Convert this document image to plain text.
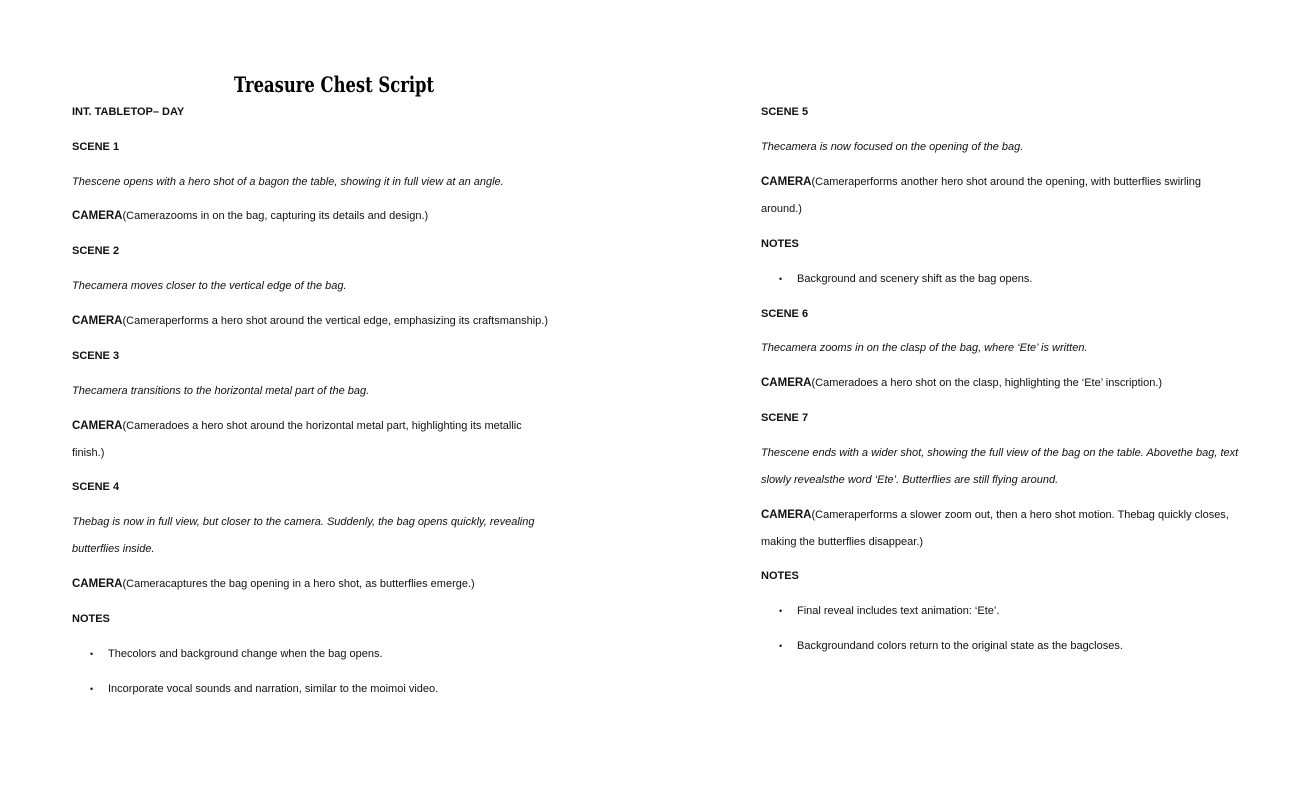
Treasure Chest Script
INT. TABLETOP– DAY
SCENE 1
Thescene opens with a hero shot of a bagon the table, showing it in full view at an angle.
CAMERA(Camerazooms in on the bag, capturing its details and design.)
SCENE 2
Thecamera moves closer to the vertical edge of the bag.
CAMERA(Cameraperforms a hero shot around the vertical edge, emphasizing its craftsmanship.)
SCENE 3
Thecamera transitions to the horizontal metal part of the bag.
CAMERA(Cameradoes a hero shot around the horizontal metal part, highlighting its metallic
finish.)
SCENE 4
Thebag is now in full view, but closer to the camera. Suddenly, the bag opens quickly, revealing
butterflies inside.
CAMERA(Cameracaptures the bag opening in a hero shot, as butterflies emerge.)
NOTES
• Thecolors and background change when the bag opens.
• Incorporate vocal sounds and narration, similar to the moimoi video.
SCENE 5
Thecamera is now focused on the opening of the bag.
CAMERA(Cameraperforms another hero shot around the opening, with butterflies swirling
around.)
NOTES
• Background and scenery shift as the bag opens.
SCENE 6
Thecamera zooms in on the clasp of the bag, where ‘Ete’ is written.
CAMERA(Cameradoes a hero shot on the clasp, highlighting the ‘Ete’ inscription.)
SCENE 7
Thescene ends with a wider shot, showing the full view of the bag on the table. Abovethe bag, text
slowly revealsthe word ‘Ete’. Butterflies are still flying around.
CAMERA(Cameraperforms a slower zoom out, then a hero shot motion. Thebag quickly closes,
making the butterflies disappear.)
NOTES
• Final reveal includes text animation: ‘Ete’.
• Backgroundand colors return to the original state as the bagcloses.
